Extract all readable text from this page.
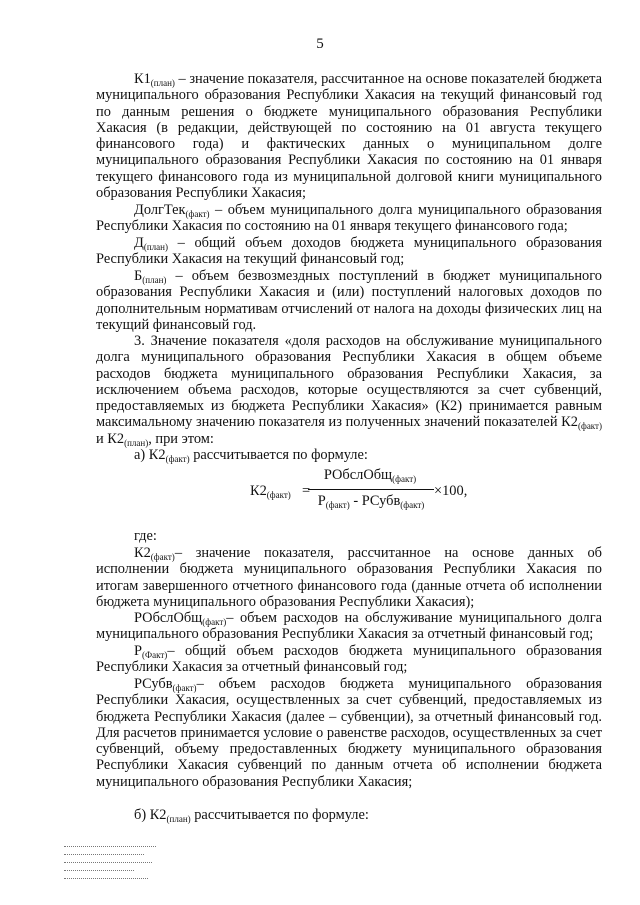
5

$К1_{(план)}$ – значение показателя, рассчитанное на основе показателей бюджета муниципального образования Республики Хакасия на текущий финансовый год по данным решения о бюджете муниципального образования Республики Хакасия (в редакции, действующей по состоянию на 01 августа текущего финансового года) и фактических данных о муниципальном долге муниципального образования Республики Хакасия по состоянию на 01 января текущего финансового года из муниципальной долговой книги муниципального образования Республики Хакасия;

ДолгТек$_{(факт)}$ – объем муниципального долга муниципального образования Республики Хакасия по состоянию на 01 января текущего финансового года;

$Д_{(план)}$ – общий объем доходов бюджета муниципального образования Республики Хакасия на текущий финансовый год;

$Б_{(план)}$ – объем безвозмездных поступлений в бюджет муниципального образования Республики Хакасия и (или) поступлений налоговых доходов по дополнительным нормативам отчислений от налога на доходы физических лиц на текущий финансовый год.

3. Значение показателя «доля расходов на обслуживание муниципального долга муниципального образования Республики Хакасия в общем объеме расходов бюджета муниципального образования Республики Хакасия, за исключением объема расходов, которые осуществляются за счет субвенций, предоставляемых из бюджета Республики Хакасия» (К2) принимается равным максимальному значению показателя из полученных значений показателей $К2_{(факт)}$ и $К2_{(план)}$, при этом:

а) $К2_{(факт)}$ рассчитывается по формуле:

$К2_{(факт)}$ =
РОбслОбщ$_{(факт)}$
$Р_{(факт)}$ - РСубв$_{(факт)}$
×100,

где:

$К2_{(факт)}-$ значение показателя, рассчитанное на основе данных об исполнении бюджета муниципального образования Республики Хакасия по итогам завершенного отчетного финансового года (данные отчета об исполнении бюджета муниципального образования Республики Хакасия);

РОбслОбщ$_{(факт)}$– объем расходов на обслуживание муниципального долга муниципального образования Республики Хакасия за отчетный финансовый год;

$Р_{(Факт)}-$ общий объем расходов бюджета муниципального образования Республики Хакасия за отчетный финансовый год;

РСубв$_{(факт)}$– объем расходов бюджета муниципального образования Республики Хакасия, осуществленных за счет субвенций, предоставляемых из бюджета Республики Хакасия (далее – субвенции), за отчетный финансовый год. Для расчетов принимается условие о равенстве расходов, осуществленных за счет субвенций, объему предоставленных бюджету муниципального образования Республики Хакасия субвенций по данным отчета об исполнении бюджета муниципального образования Республики Хакасия;

б) $К2_{(план)}$ рассчитывается по формуле:
